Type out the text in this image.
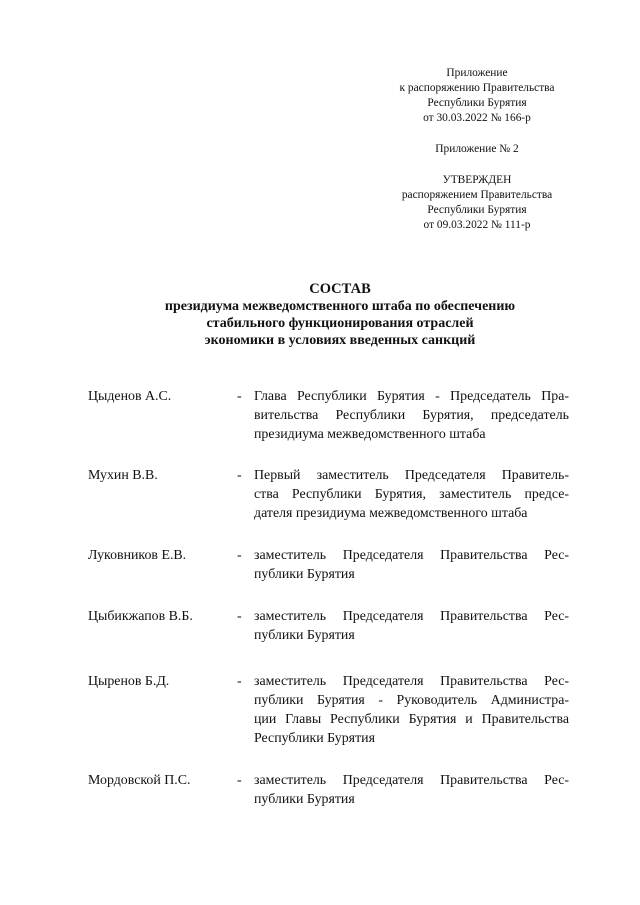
Приложение
к распоряжению Правительства
Республики Бурятия
от 30.03.2022 № 166-р
Приложение № 2
УТВЕРЖДЕН
распоряжением Правительства
Республики Бурятия
от 09.03.2022 № 111-р
СОСТАВ
президиума межведомственного штаба по обеспечению
стабильного функционирования отраслей
экономики в условиях введенных санкций
Цыденов А.С.	- Глава Республики Бурятия - Председатель Пра-
вительства Республики Бурятия, председатель
президиума межведомственного штаба
Мухин В.В.	- Первый заместитель Председателя Правитель-
ства Республики Бурятия, заместитель предсе-
дателя президиума межведомственного штаба
Луковников Е.В.	- заместитель Председателя Правительства Рес-
публики Бурятия
Цыбикжапов В.Б.	- заместитель Председателя Правительства Рес-
публики Бурятия
Цыренов Б.Д.	- заместитель Председателя Правительства Рес-
публики Бурятия - Руководитель Администра-
ции Главы Республики Бурятия и Правительства
Республики Бурятия
Мордовской П.С.	- заместитель Председателя Правительства Рес-
публики Бурятия
